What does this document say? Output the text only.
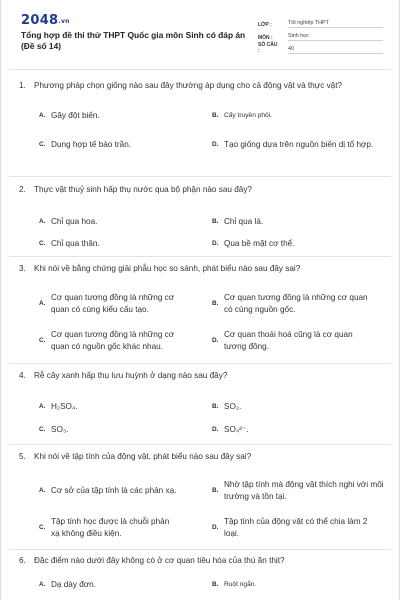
2048.vn
Tổng hợp đề thi thử THPT Quốc gia môn Sinh có đáp án (Đề số 14)
LỚP :	Tốt nghiệp THPT
MÔN :	Sinh học
SỐ CÂU :	40
1. Phương pháp chọn giống nào sau đây thường áp dụng cho cả động vật và thực vật?
A. Gây đột biến.	B. Cấy truyền phôi.
C. Dung hợp tế bào trần.	D. Tạo giống dựa trên nguồn biến dị tổ hợp.
2. Thực vật thuỷ sinh hấp thụ nước qua bộ phận nào sau đây?
A. Chỉ qua hoa.	B. Chỉ qua lá.
C. Chỉ qua thân.	D. Qua bề mặt cơ thể.
3. Khi nói về bằng chứng giải phẫu học so sánh, phát biểu nào sau đây sai?
A.
Cơ quan tương đồng là những cơ quan có cùng kiểu cấu tạo.
B.
Cơ quan tương đồng là những cơ quan có cùng nguồn gốc.
C.
Cơ quan tương đồng là những cơ quan có nguồn gốc khác nhau.
D.
Cơ quan thoái hoá cũng là cơ quan tương đồng.
4. Rễ cây xanh hấp thụ lưu huỳnh ở dạng nào sau đây?
A. H₂SO₄.	B. SO₂.
C. SO₃.	D. SO₄²⁻.
5. Khi nói về tập tính của động vật, phát biểu nào sau đây sai?
A. Cơ sở của tập tính là các phản xạ.	B.
Nhờ tập tính mà động vật thích nghi với môi trường và tồn tại.
C.
Tập tính học được là chuỗi phản xạ không điều kiện.
D.
Tập tính của động vật có thể chia làm 2 loại.
6. Đặc điểm nào dưới đây không có ở cơ quan tiêu hóa của thú ăn thịt?
A. Dạ dày đơn.	B. Ruột ngắn.
